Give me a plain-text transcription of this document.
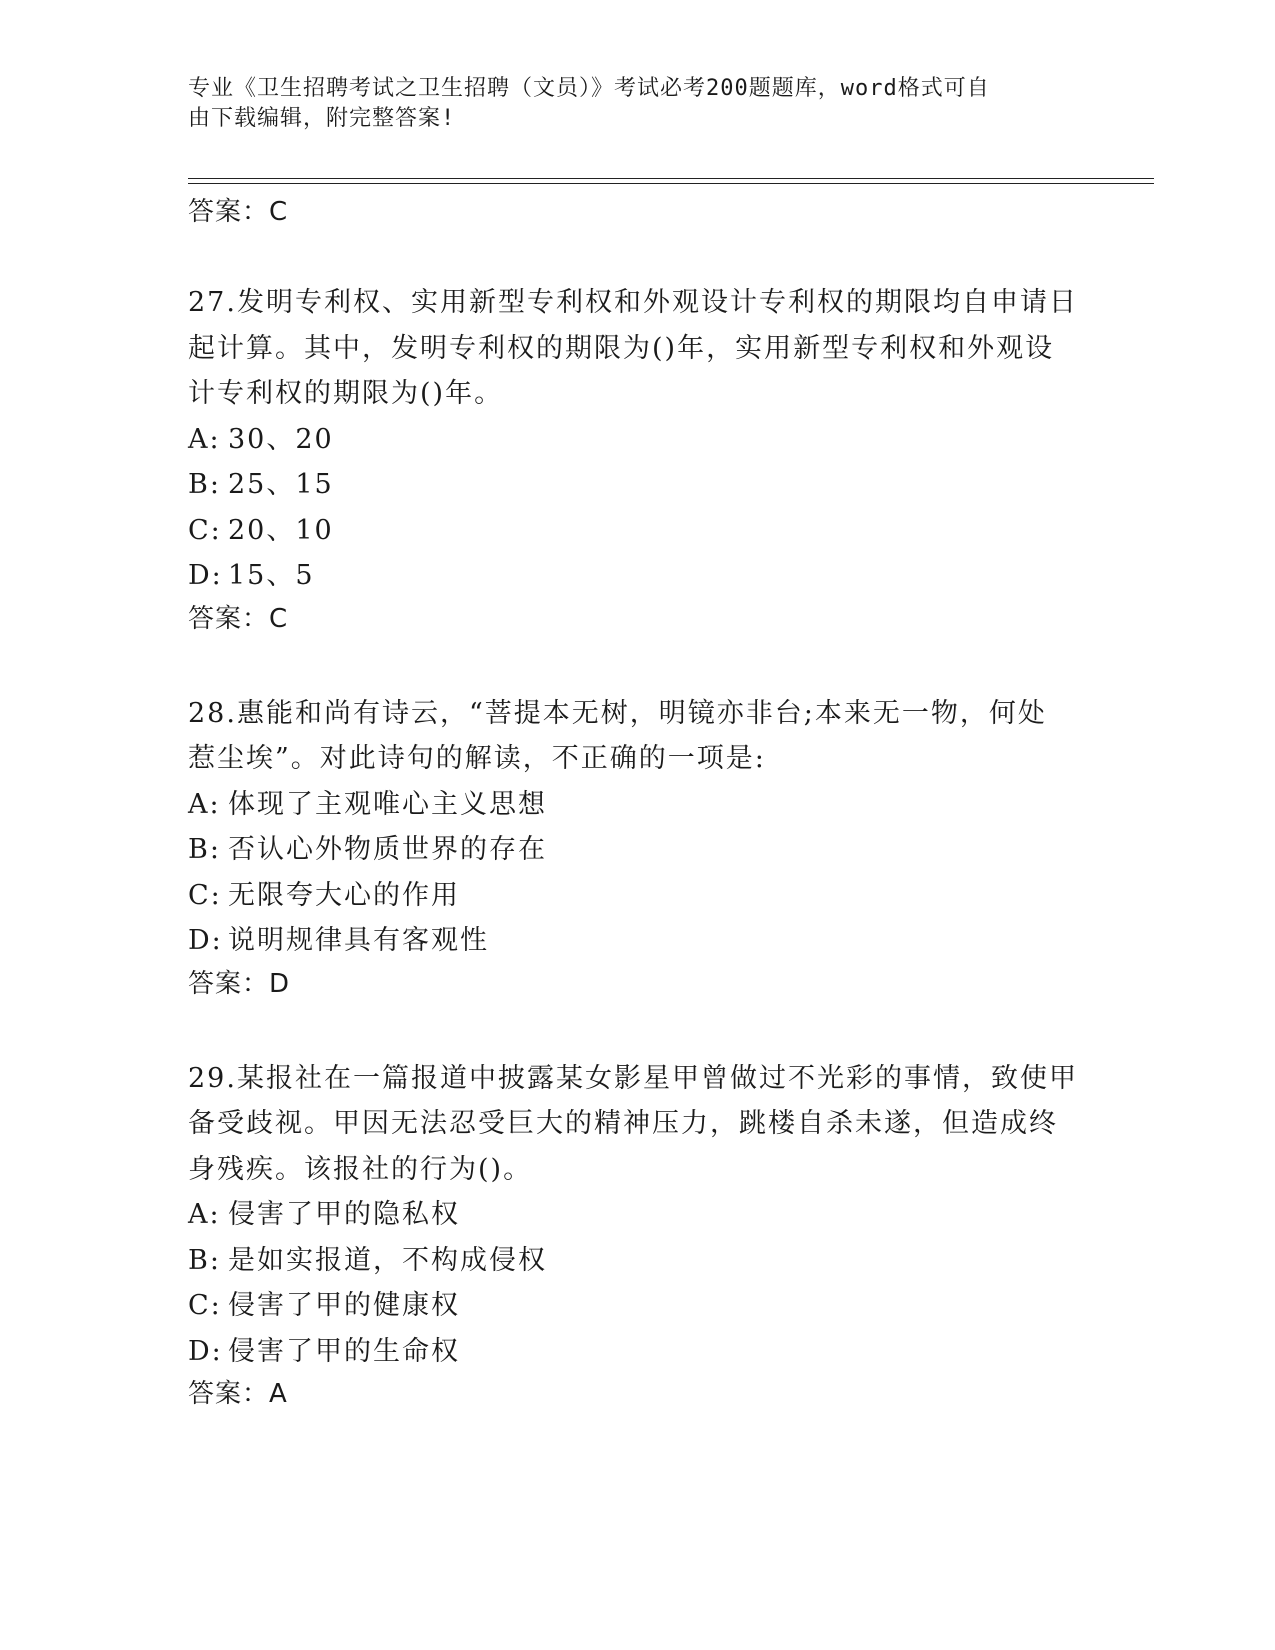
专业《卫生招聘考试之卫生招聘（文员）》考试必考200题题库，word格式可自
由下载编辑，附完整答案!
答案：C
27.发明专利权、实用新型专利权和外观设计专利权的期限均自申请日
起计算。其中，发明专利权的期限为()年，实用新型专利权和外观设
计专利权的期限为()年。
A: 30、20
B: 25、15
C: 20、10
D: 15、5
答案：C
28.惠能和尚有诗云，“菩提本无树，明镜亦非台;本来无一物，何处
惹尘埃”。对此诗句的解读，不正确的一项是:
A: 体现了主观唯心主义思想
B: 否认心外物质世界的存在
C: 无限夸大心的作用
D: 说明规律具有客观性
答案：D
29.某报社在一篇报道中披露某女影星甲曾做过不光彩的事情，致使甲
备受歧视。甲因无法忍受巨大的精神压力，跳楼自杀未遂，但造成终
身残疾。该报社的行为()。
A: 侵害了甲的隐私权
B: 是如实报道，不构成侵权
C: 侵害了甲的健康权
D: 侵害了甲的生命权
答案：A
